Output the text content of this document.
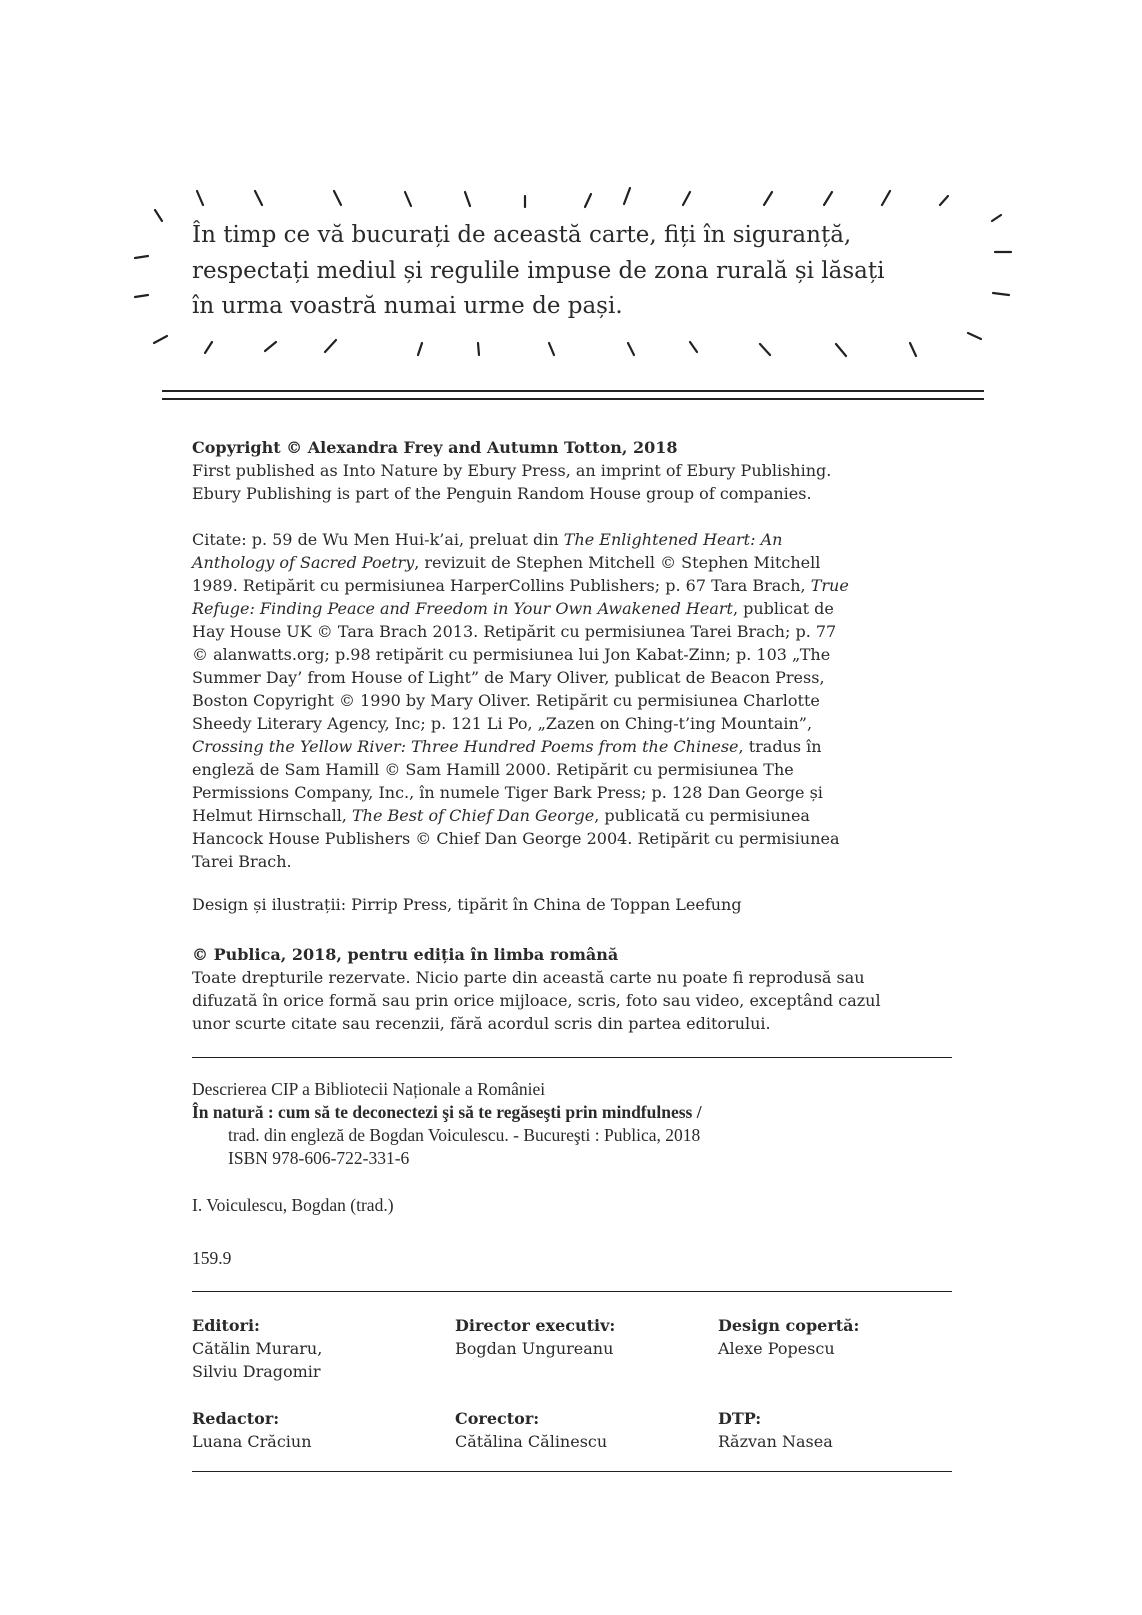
În timp ce vă bucurați de această carte, fiți în siguranță,
respectați mediul și regulile impuse de zona rurală și lăsați
în urma voastră numai urme de pași.
Copyright © Alexandra Frey and Autumn Totton, 2018
First published as Into Nature by Ebury Press, an imprint of Ebury Publishing.
Ebury Publishing is part of the Penguin Random House group of companies.
Citate: p. 59 de Wu Men Hui-k’ai, preluat din The Enlightened Heart: An
Anthology of Sacred Poetry, revizuit de Stephen Mitchell © Stephen Mitchell
1989. Retipărit cu permisiunea HarperCollins Publishers; p. 67 Tara Brach, True
Refuge: Finding Peace and Freedom in Your Own Awakened Heart, publicat de
Hay House UK © Tara Brach 2013. Retipărit cu permisiunea Tarei Brach; p. 77
© alanwatts.org; p.98 retipărit cu permisiunea lui Jon Kabat-Zinn; p. 103 „The
Summer Day’ from House of Light” de Mary Oliver, publicat de Beacon Press,
Boston Copyright © 1990 by Mary Oliver. Retipărit cu permisiunea Charlotte
Sheedy Literary Agency, Inc; p. 121 Li Po, „Zazen on Ching-t’ing Mountain”,
Crossing the Yellow River: Three Hundred Poems from the Chinese, tradus în
engleză de Sam Hamill © Sam Hamill 2000. Retipărit cu permisiunea The
Permissions Company, Inc., în numele Tiger Bark Press; p. 128 Dan George și
Helmut Hirnschall, The Best of Chief Dan George, publicată cu permisiunea
Hancock House Publishers © Chief Dan George 2004. Retipărit cu permisiunea
Tarei Brach.
Design și ilustrații: Pirrip Press, tipărit în China de Toppan Leefung
© Publica, 2018, pentru ediția în limba română
Toate drepturile rezervate. Nicio parte din această carte nu poate fi reprodusă sau
difuzată în orice formă sau prin orice mijloace, scris, foto sau video, exceptând cazul
unor scurte citate sau recenzii, fără acordul scris din partea editorului.
Descrierea CIP a Bibliotecii Naționale a României
În natură : cum să te deconectezi şi să te regăseşti prin mindfulness /
trad. din engleză de Bogdan Voiculescu. - Bucureşti : Publica, 2018
ISBN 978-606-722-331-6
I. Voiculescu, Bogdan (trad.)
159.9
Editori:
Cătălin Muraru,
Silviu Dragomir
Director executiv:
Bogdan Ungureanu
Design copertă:
Alexe Popescu
Redactor:
Luana Crăciun
Corector:
Cătălina Călinescu
DTP:
Răzvan Nasea
